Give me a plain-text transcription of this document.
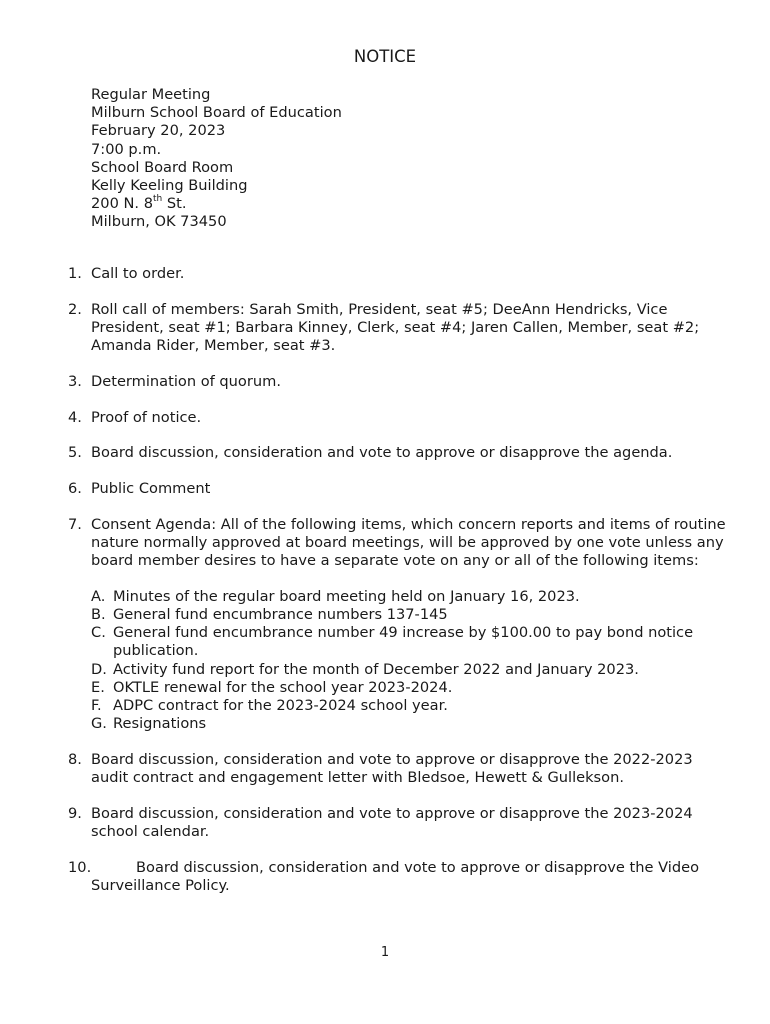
NOTICE
Regular Meeting
Milburn School Board of Education
February 20, 2023
7:00 p.m.
School Board Room
Kelly Keeling Building
200 N. 8th St.
Milburn, OK 73450
1. Call to order.
2. Roll call of members: Sarah Smith, President, seat #5; DeeAnn Hendricks, Vice President, seat #1; Barbara Kinney, Clerk, seat #4; Jaren Callen, Member, seat #2; Amanda Rider, Member, seat #3.
3. Determination of quorum.
4. Proof of notice.
5. Board discussion, consideration and vote to approve or disapprove the agenda.
6. Public Comment
7. Consent Agenda: All of the following items, which concern reports and items of routine nature normally approved at board meetings, will be approved by one vote unless any board member desires to have a separate vote on any or all of the following items:
A. Minutes of the regular board meeting held on January 16, 2023.
B. General fund encumbrance numbers 137-145
C. General fund encumbrance number 49 increase by $100.00 to pay bond notice publication.
D. Activity fund report for the month of December 2022 and January 2023.
E. OKTLE renewal for the school year 2023-2024.
F. ADPC contract for the 2023-2024 school year.
G. Resignations
8. Board discussion, consideration and vote to approve or disapprove the 2022-2023 audit contract and engagement letter with Bledsoe, Hewett & Gullekson.
9. Board discussion, consideration and vote to approve or disapprove the 2023-2024 school calendar.
10.	Board discussion, consideration and vote to approve or disapprove the Video
Surveillance Policy.
1
